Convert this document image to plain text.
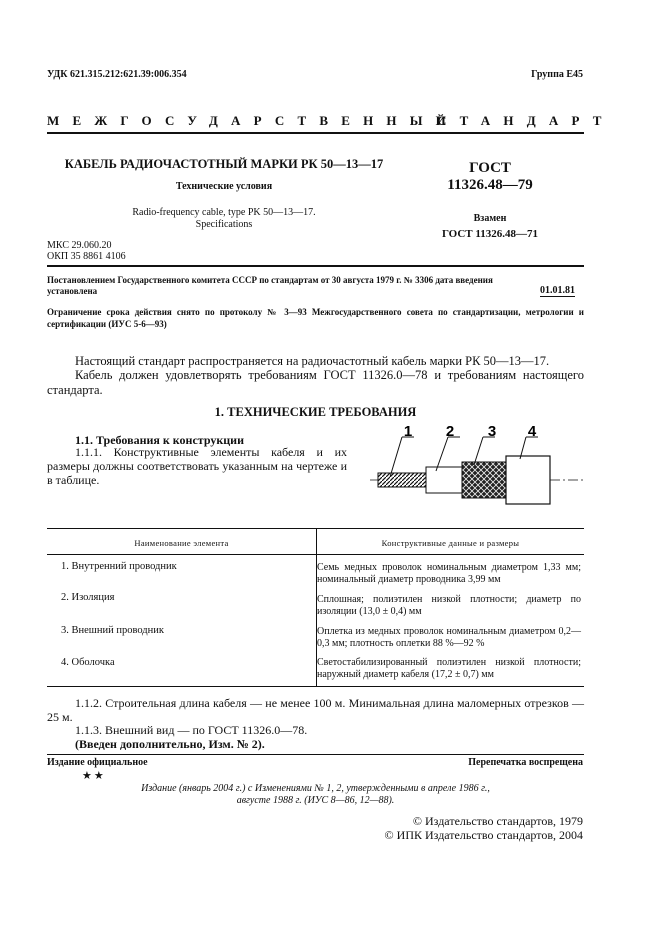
УДК 621.315.212:621.39:006.354	Группа Е45
МЕЖГОСУДАРСТВЕННЫЙ
СТАНДАРТ
КАБЕЛЬ РАДИОЧАСТОТНЫЙ МАРКИ РК 50—13—17
Технические условия
Radio-frequency cable, type PK 50—13—17.
Specifications
ГОСТ
11326.48—79
Взамен
ГОСТ 11326.48—71
МКС 29.060.20
ОКП 35 8861 4106
Постановлением Государственного комитета СССР по стандартам от 30 августа 1979 г. № 3306 дата введения установлена	01.01.81
Ограничение срока действия снято по протоколу № 3—93 Межгосударственного совета по стандартизации, метрологии и сертификации (ИУС 5-6—93)
Настоящий стандарт распространяется на радиочастотный кабель марки РК 50—13—17.
Кабель должен удовлетворять требованиям ГОСТ 11326.0—78 и требованиям настоящего стандарта.
1. ТЕХНИЧЕСКИЕ ТРЕБОВАНИЯ
1.1. Требования к конструкции
1.1.1. Конструктивные элементы кабеля и их размеры должны соответствовать указанным на чертеже и в таблице.
1 2 3 4
Наименование элемента	Конструктивные данные и размеры
1. Внутренний проводник	Семь медных проволок номинальным диаметром 1,33 мм; номинальный диаметр проводника 3,99 мм
2. Изоляция	Сплошная; полиэтилен низкой плотности; диаметр по изоляции (13,0 ± 0,4) мм
3. Внешний проводник	Оплетка из медных проволок номинальным диаметром 0,2—0,3 мм; плотность оплетки 88 %—92 %
4. Оболочка	Светостабилизированный полиэтилен низкой плотности; наружный диаметр кабеля (17,2 ± 0,7) мм
1.1.2. Строительная длина кабеля — не менее 100 м. Минимальная длина маломерных отрезков — 25 м.
1.1.3. Внешний вид — по ГОСТ 11326.0—78.
(Введен дополнительно, Изм. № 2).
Издание официальное	Перепечатка воспрещена
★★
Издание (январь 2004 г.) с Изменениями № 1, 2, утвержденными в апреле 1986 г.,
августе 1988 г. (ИУС 8—86, 12—88).
© Издательство стандартов, 1979
© ИПК Издательство стандартов, 2004
